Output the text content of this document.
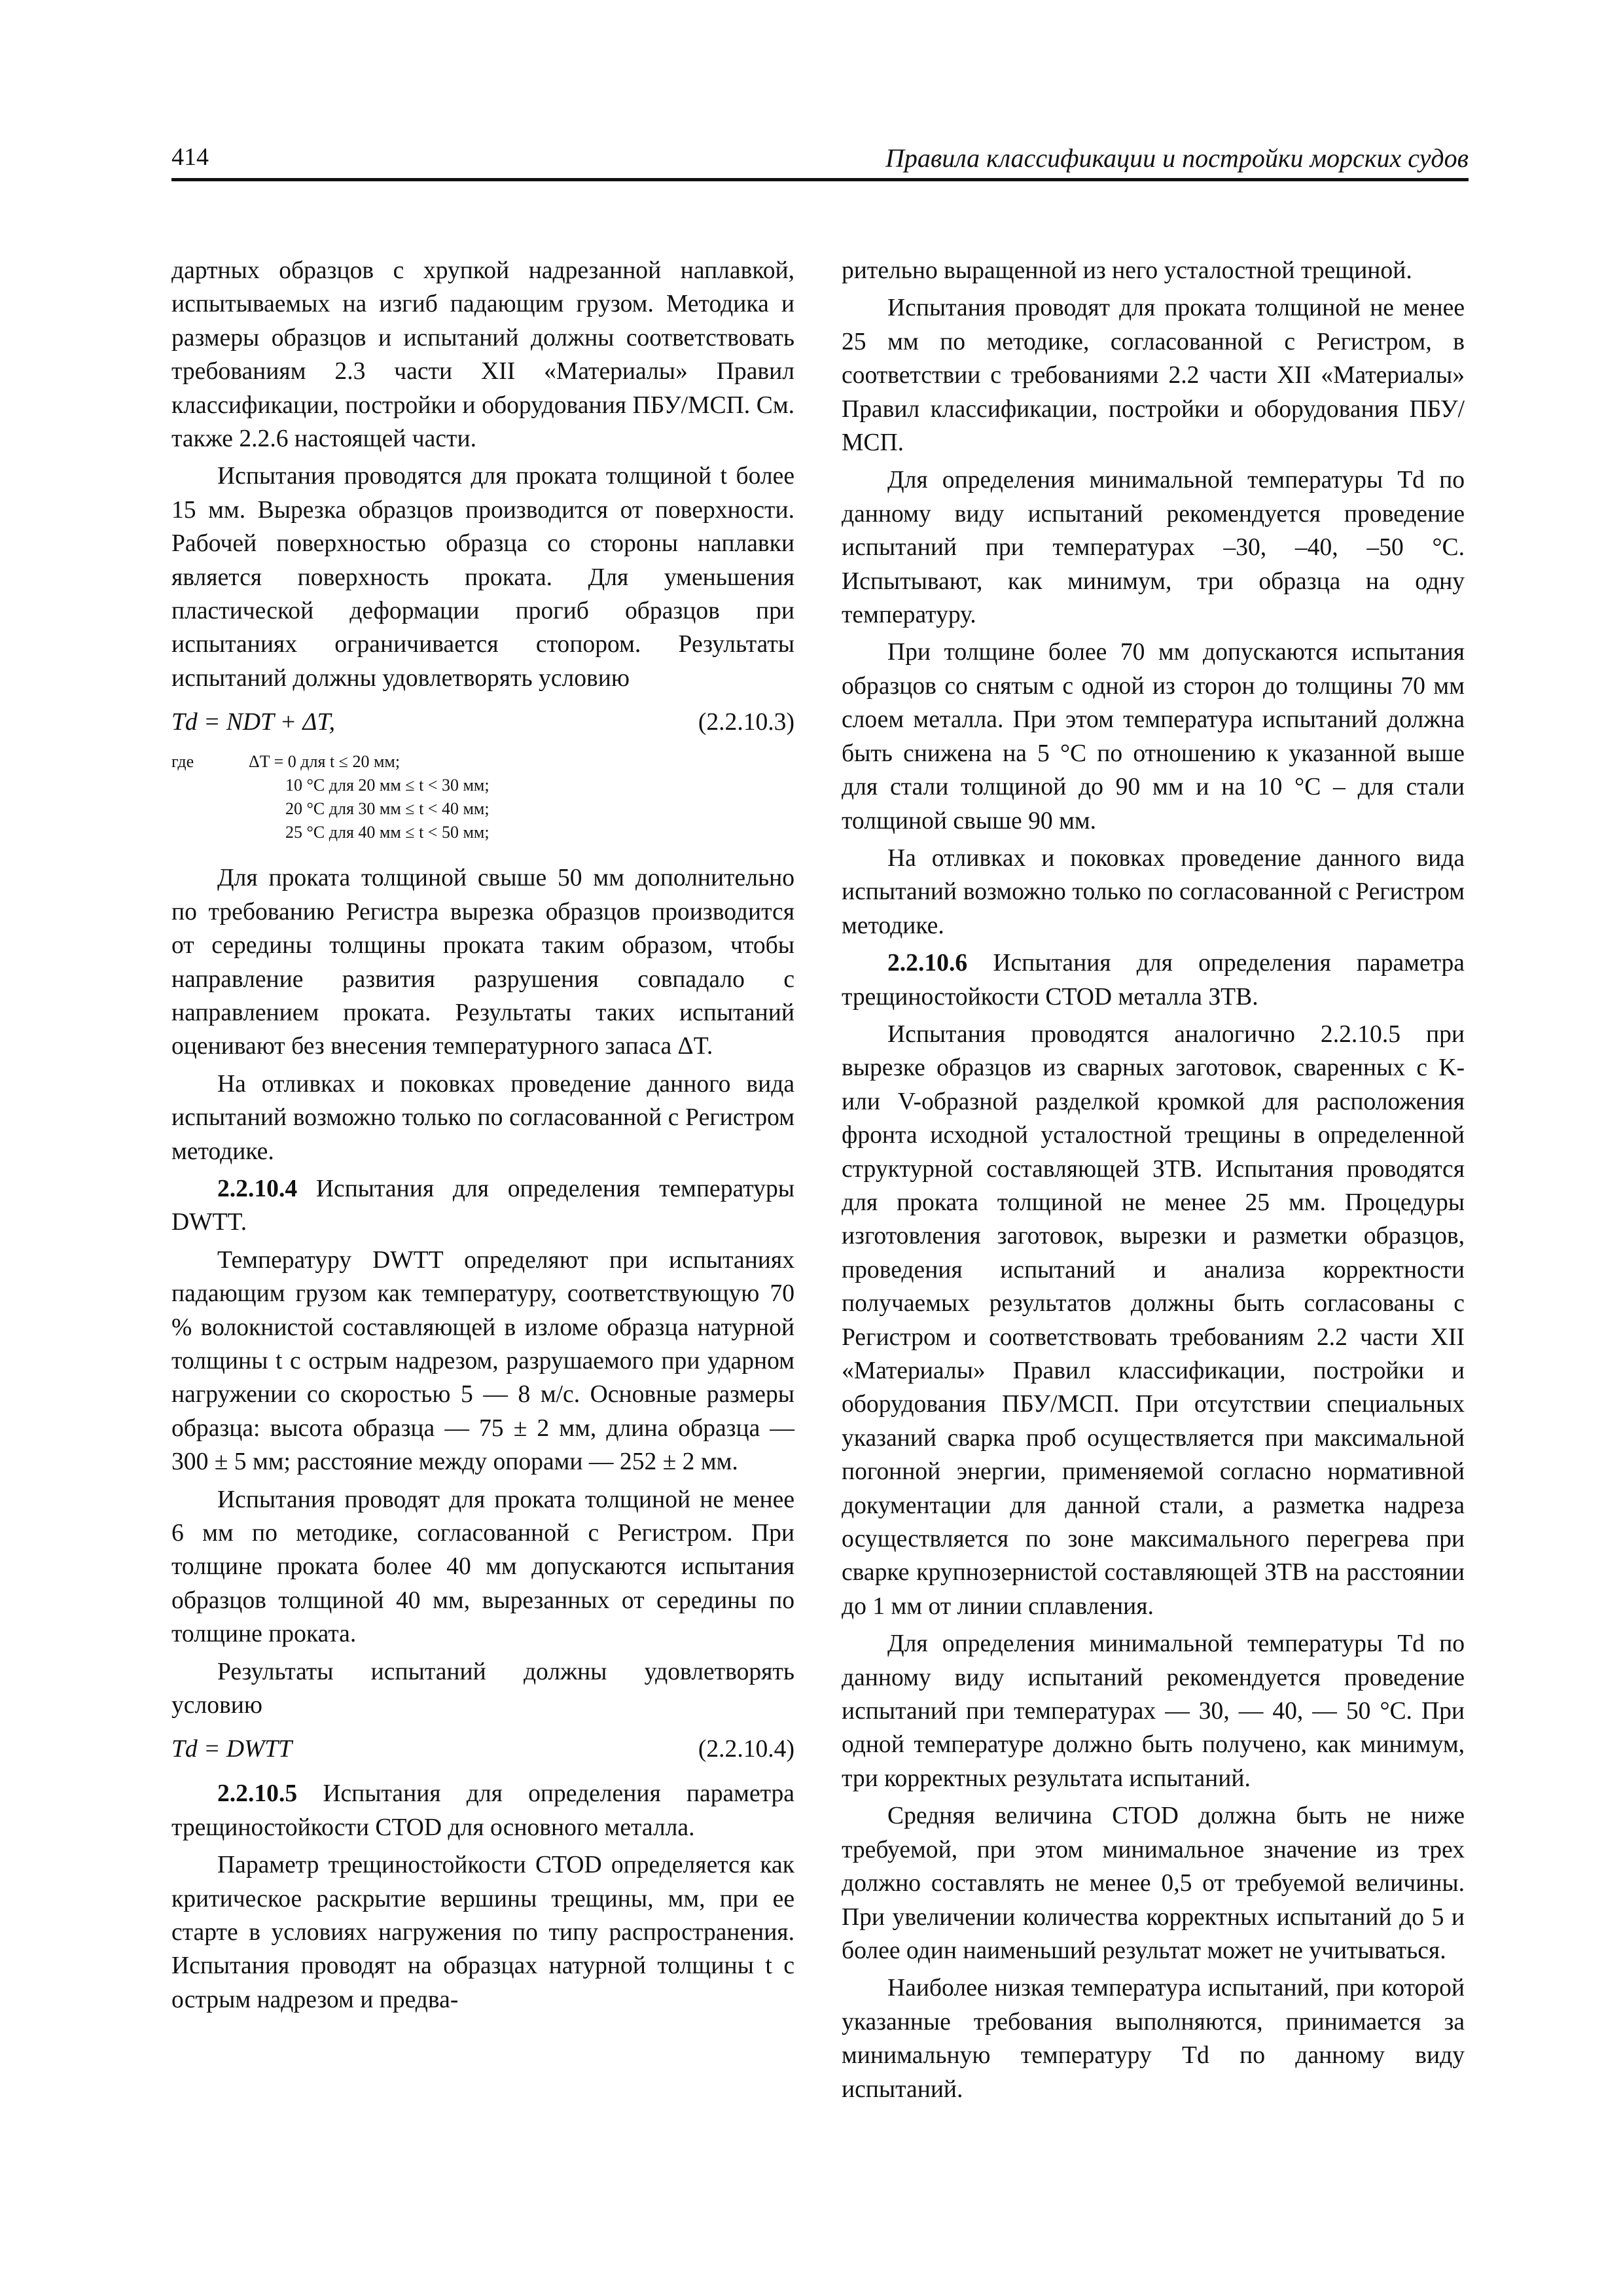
414	Правила классификации и постройки морских судов

дартных образцов с хрупкой надрезанной наплавкой, испытываемых на изгиб падающим грузом. Методика и размеры образцов и испытаний должны соответствовать требованиям 2.3 части XII «Материалы» Правил классификации, постройки и оборудования ПБУ/МСП. См. также 2.2.6 настоящей части.

Испытания проводятся для проката толщиной t более 15 мм. Вырезка образцов производится от поверхности. Рабочей поверхностью образца со стороны наплавки является поверхность проката. Для уменьшения пластической деформации прогиб образцов при испытаниях ограничивается стопором. Результаты испытаний должны удовлетворять условию

Td = NDT + ΔT,	(2.2.10.3)
где	ΔT = 0 для t ≤ 20 мм;
10 °С для 20 мм ≤ t < 30 мм;
20 °С для 30 мм ≤ t < 40 мм;
25 °С для 40 мм ≤ t < 50 мм;

Для проката толщиной свыше 50 мм дополнительно по требованию Регистра вырезка образцов производится от середины толщины проката таким образом, чтобы направление развития разрушения совпадало с направлением проката. Результаты таких испытаний оценивают без внесения температурного запаса ΔT.

На отливках и поковках проведение данного вида испытаний возможно только по согласованной с Регистром методике.

2.2.10.4 Испытания для определения температуры DWTT.

Температуру DWTT определяют при испытаниях падающим грузом как температуру, соответствующую 70 % волокнистой составляющей в изломе образца натурной толщины t с острым надрезом, разрушаемого при ударном нагружении со скоростью 5 — 8 м/с. Основные размеры образца: высота образца — 75 ± 2 мм, длина образца — 300 ± 5 мм; расстояние между опорами — 252 ± 2 мм.

Испытания проводят для проката толщиной не менее 6 мм по методике, согласованной с Регистром. При толщине проката более 40 мм допускаются испытания образцов толщиной 40 мм, вырезанных от середины по толщине проката.

Результаты испытаний должны удовлетворять условию

Td = DWTT	(2.2.10.4)

2.2.10.5 Испытания для определения параметра трещиностойкости CTOD для основного металла.

Параметр трещиностойкости CTOD определяется как критическое раскрытие вершины трещины, мм, при ее старте в условиях нагружения по типу распространения. Испытания проводят на образцах натурной толщины t с острым надрезом и предва-

рительно выращенной из него усталостной трещиной.

Испытания проводят для проката толщиной не менее 25 мм по методике, согласованной с Регистром, в соответствии с требованиями 2.2 части XII «Материалы» Правил классификации, постройки и оборудования ПБУ/МСП.

Для определения минимальной температуры Td по данному виду испытаний рекомендуется проведение испытаний при температурах –30, –40, –50 °С. Испытывают, как минимум, три образца на одну температуру.

При толщине более 70 мм допускаются испытания образцов со снятым с одной из сторон до толщины 70 мм слоем металла. При этом температура испытаний должна быть снижена на 5 °С по отношению к указанной выше для стали толщиной до 90 мм и на 10 °С – для стали толщиной свыше 90 мм.

На отливках и поковках проведение данного вида испытаний возможно только по согласованной с Регистром методике.

2.2.10.6 Испытания для определения параметра трещиностойкости CTOD металла ЗТВ.

Испытания проводятся аналогично 2.2.10.5 при вырезке образцов из сварных заготовок, сваренных с K- или V-образной разделкой кромкой для расположения фронта исходной усталостной трещины в определенной структурной составляющей ЗТВ. Испытания проводятся для проката толщиной не менее 25 мм. Процедуры изготовления заготовок, вырезки и разметки образцов, проведения испытаний и анализа корректности получаемых результатов должны быть согласованы с Регистром и соответствовать требованиям 2.2 части XII «Материалы» Правил классификации, постройки и оборудования ПБУ/МСП. При отсутствии специальных указаний сварка проб осуществляется при максимальной погонной энергии, применяемой согласно нормативной документации для данной стали, а разметка надреза осуществляется по зоне максимального перегрева при сварке крупнозернистой составляющей ЗТВ на расстоянии до 1 мм от линии сплавления.

Для определения минимальной температуры Td по данному виду испытаний рекомендуется проведение испытаний при температурах — 30, — 40, — 50 °С. При одной температуре должно быть получено, как минимум, три корректных результата испытаний.

Средняя величина CTOD должна быть не ниже требуемой, при этом минимальное значение из трех должно составлять не менее 0,5 от требуемой величины. При увеличении количества корректных испытаний до 5 и более один наименьший результат может не учитываться.

Наиболее низкая температура испытаний, при которой указанные требования выполняются, принимается за минимальную температуру Td по данному виду испытаний.
